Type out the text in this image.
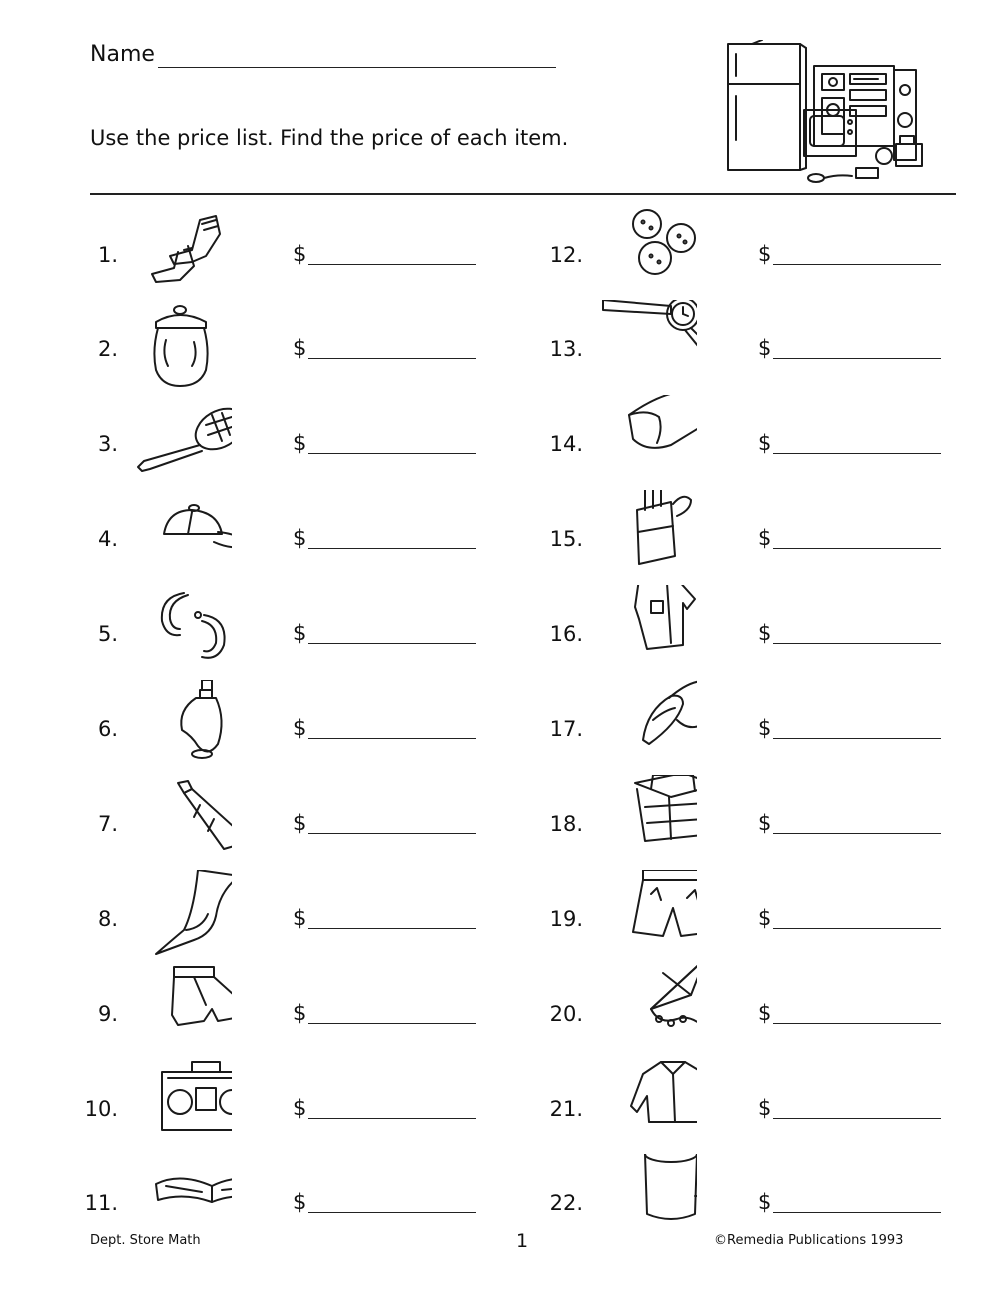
Name
Use the price list. Find the price of each item.
1.	$
2.	$
3.	$
4.	$
5.	$
6.	$
7.	$
8.	$
9.	$
10.	$
11.	$
12.	$
13.	$
14.	$
15.	$
16.	$
17.	$
18.	$
19.	$
20.	$
21.	$
22.	$
Dept. Store Math	1	©Remedia Publications 1993
